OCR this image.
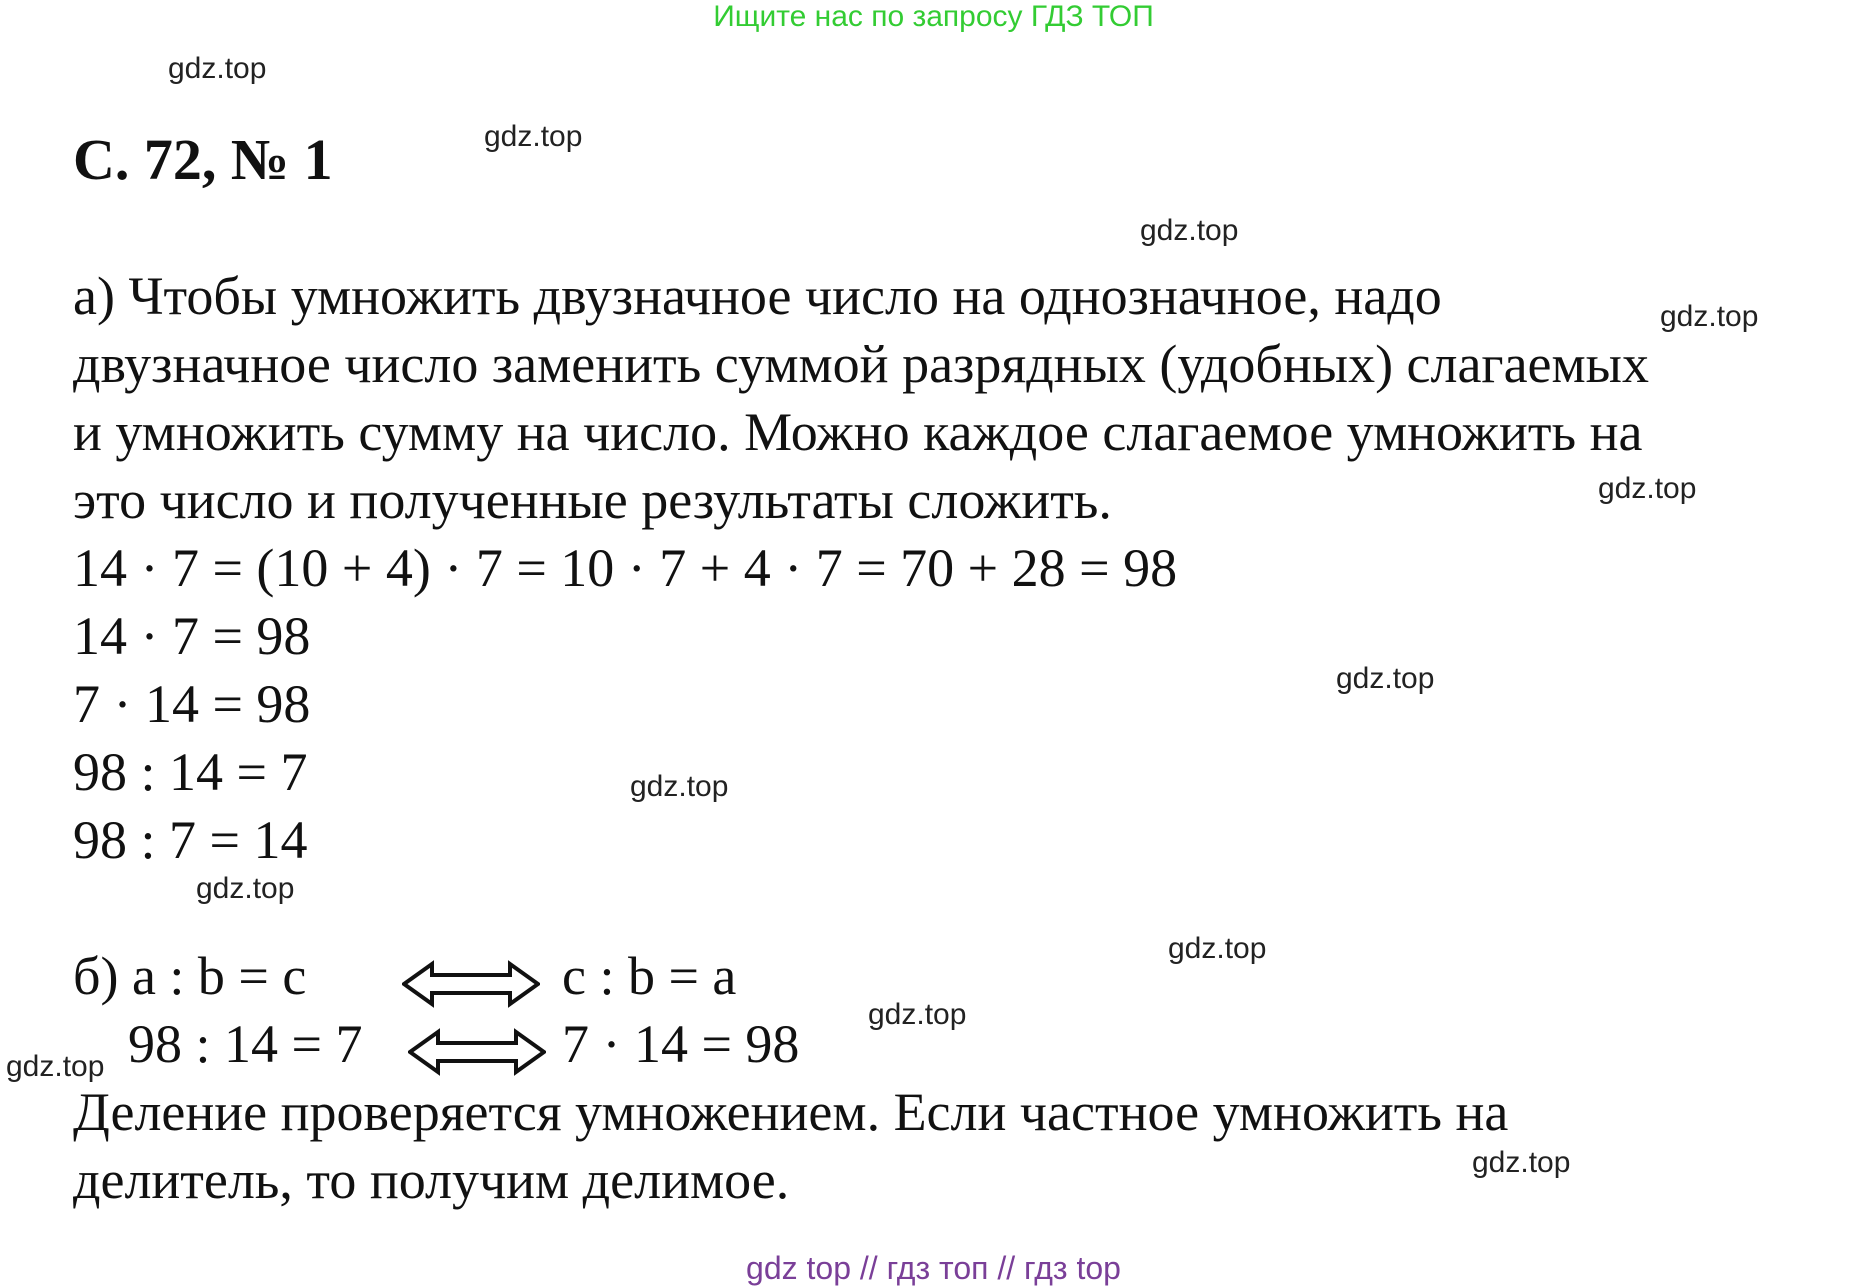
Ищите нас по запросу ГДЗ ТОП
gdz.top
gdz.top
gdz.top
gdz.top
gdz.top
gdz.top
gdz.top
gdz.top
gdz.top
gdz.top
gdz.top
gdz.top
С. 72, № 1
а) Чтобы умножить двузначное число на однозначное, надо
двузначное число заменить суммой разрядных (удобных) слагаемых
и умножить сумму на число. Можно каждое слагаемое умножить на
это число и полученные результаты сложить.
14 · 7 = (10 + 4) · 7 = 10 · 7 + 4 · 7 = 70 + 28 = 98
14 · 7 = 98
7 · 14 = 98
98 : 14 = 7
98 : 7 = 14
б) a : b = c	c : b = a
98 : 14 = 7	7 · 14 = 98
Деление проверяется умножением. Если частное умножить на
делитель, то получим делимое.
gdz top // гдз топ // гдз top
